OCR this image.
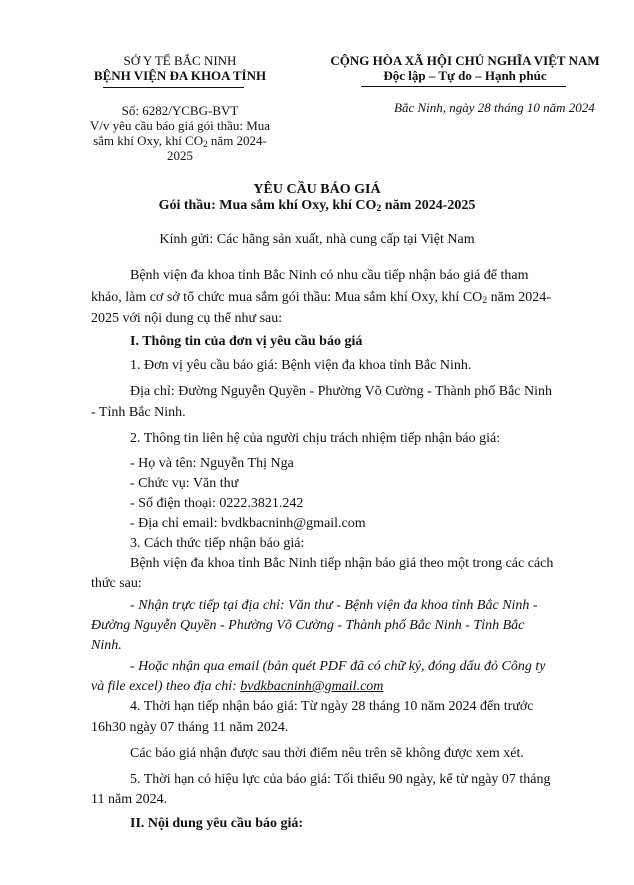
SỞ Y TẾ BẮC NINH
BỆNH VIỆN ĐA KHOA TỈNH
Số: 6282/YCBG-BVT
V/v yêu cầu báo giá gói thầu: Mua
sắm khí Oxy, khí $CO_2$ năm 2024-
2025
CỘNG HÒA XÃ HỘI CHỦ NGHĨA VIỆT NAM
Độc lập – Tự do – Hạnh phúc
Bắc Ninh, ngày 28 tháng 10 năm 2024
YÊU CẦU BÁO GIÁ
Gói thầu: Mua sắm khí Oxy, khí $CO_2$ năm 2024-2025
Kính gửi: Các hãng sản xuất, nhà cung cấp tại Việt Nam
Bệnh viện đa khoa tỉnh Bắc Ninh có nhu cầu tiếp nhận báo giá để tham
khảo, làm cơ sở tổ chức mua sắm gói thầu: Mua sắm khí Oxy, khí $CO_2$ năm 2024-
2025 với nội dung cụ thể như sau:
I. Thông tin của đơn vị yêu cầu báo giá
1. Đơn vị yêu cầu báo giá: Bệnh viện đa khoa tỉnh Bắc Ninh.
Địa chỉ: Đường Nguyễn Quyền - Phường Võ Cường - Thành phố Bắc Ninh
- Tỉnh Bắc Ninh.
2. Thông tin liên hệ của người chịu trách nhiệm tiếp nhận báo giá:
- Họ và tên: Nguyễn Thị Nga
- Chức vụ: Văn thư
- Số điện thoại: 0222.3821.242
- Địa chỉ email: bvdkbacninh@gmail.com
3. Cách thức tiếp nhận báo giá:
Bệnh viện đa khoa tỉnh Bắc Ninh tiếp nhận báo giá theo một trong các cách
thức sau:
- Nhận trực tiếp tại địa chỉ: Văn thư - Bệnh viện đa khoa tỉnh Bắc Ninh -
Đường Nguyễn Quyền - Phường Võ Cường - Thành phố Bắc Ninh - Tỉnh Bắc
Ninh.
- Hoặc nhận qua email (bản quét PDF đã có chữ ký, đóng dấu đỏ Công ty
và file excel) theo địa chỉ: bvdkbacninh@gmail.com
4. Thời hạn tiếp nhận báo giá: Từ ngày 28 tháng 10 năm 2024 đến trước
16h30 ngày 07 tháng 11 năm 2024.
Các báo giá nhận được sau thời điểm nêu trên sẽ không được xem xét.
5. Thời hạn có hiệu lực của báo giá: Tối thiểu 90 ngày, kể từ ngày 07 tháng
11 năm 2024.
II. Nội dung yêu cầu báo giá:
